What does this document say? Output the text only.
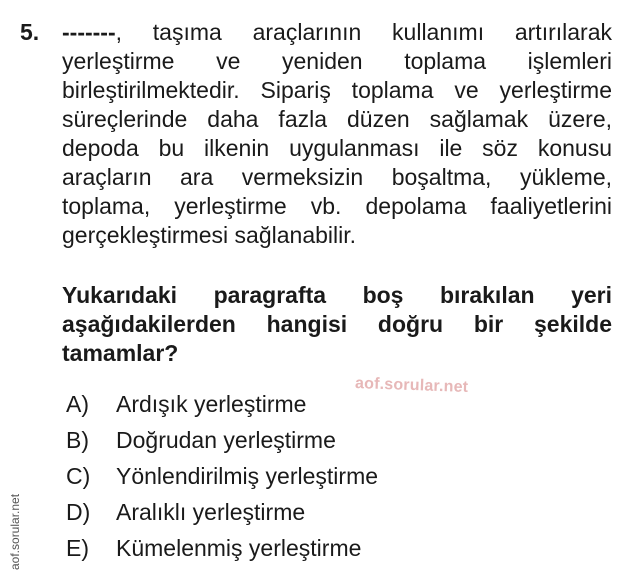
5. -------, taşıma araçlarının kullanımı artırılarak yerleştirme ve yeniden toplama işlemleri birleştirilmektedir. Sipariş toplama ve yerleştirme süreçlerinde daha fazla düzen sağlamak üzere, depoda bu ilkenin uygulanması ile söz konusu araçların ara vermeksizin boşaltma, yükleme, toplama, yerleştirme vb. depolama faaliyetlerini gerçekleştirmesi sağlanabilir.

Yukarıdaki paragrafta boş bırakılan yeri aşağıdakilerden hangisi doğru bir şekilde tamamlar?

aof.sorular.net
A)	Ardışık yerleştirme
B)	Doğrudan yerleştirme
C)	Yönlendirilmiş yerleştirme
D)	Aralıklı yerleştirme
E)	Kümelenmiş yerleştirme
aof.sorular.net
